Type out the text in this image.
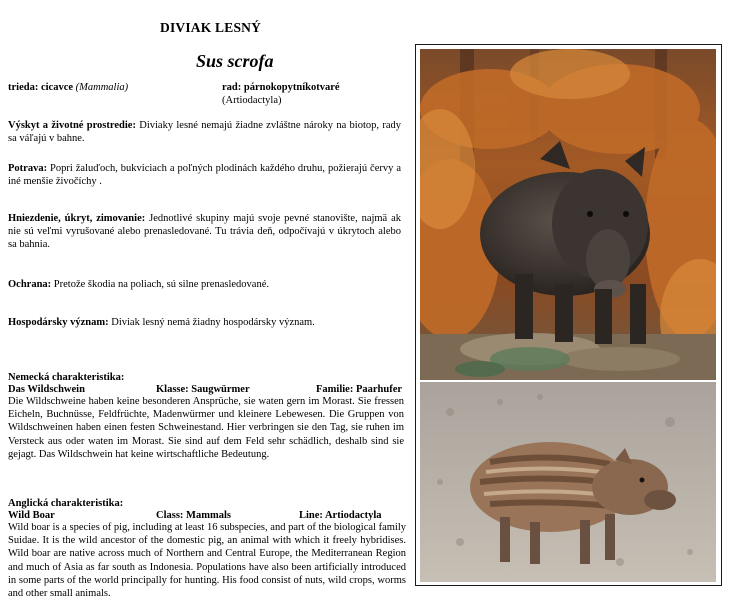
DIVIAK LESNÝ
Sus scrofa
trieda: cicavce (Mammalia)	rad: párnokopytníkotvaré
(Artiodactyla)
Výskyt a životné prostredie: Diviaky lesné nemajú žiadne zvláštne nároky na biotop, rady sa váľajú v bahne.
Potrava: Popri žaluďoch, bukviciach a poľných plodinách každého druhu, požierajú červy a iné menšie živočíchy .
Hniezdenie, úkryt, zimovanie: Jednotlivé skupiny majú svoje pevné stanovište, najmä ak nie sú veľmi vyrušované alebo prenasledované. Tu trávia deň, odpočívajú v úkrytoch alebo sa bahnia.
Ochrana: Pretože škodia na poliach, sú silne prenasledované.
Hospodársky význam: Diviak lesný nemá žiadny hospodársky význam.
Nemecká charakteristika:
Das Wildschwein	Klasse: Saugwürmer	Familie: Paarhufer
Die Wildschweine haben keine besonderen Ansprüche, sie waten gern im Morast. Sie fressen Eicheln, Buchnüsse, Feldfrüchte, Madenwürmer und kleinere Lebewesen. Die Gruppen von Wildschweinen haben einen festen Schweinestand. Hier verbringen sie den Tag, sie ruhen im Versteck aus oder waten im Morast. Sie sind auf dem Feld sehr schädlich, deshalb sind sie gejagt. Das Wildschwein hat keine wirtschaftliche Bedeutung.
Anglická charakteristika:
Wild Boar	Class: Mammals	Line: Artiodactyla
Wild boar is a species of pig, including at least 16 subspecies, and part of the biological family Suidae. It is the wild ancestor of the domestic pig, an animal with which it freely hybridises. Wild boar are native across much of Northern and Central Europe, the Mediterranean Region and much of Asia as far south as Indonesia. Populations have also been artificially introduced in some parts of the world principally for hunting. His food consist of nuts, wild crops, worms and other small animals.
